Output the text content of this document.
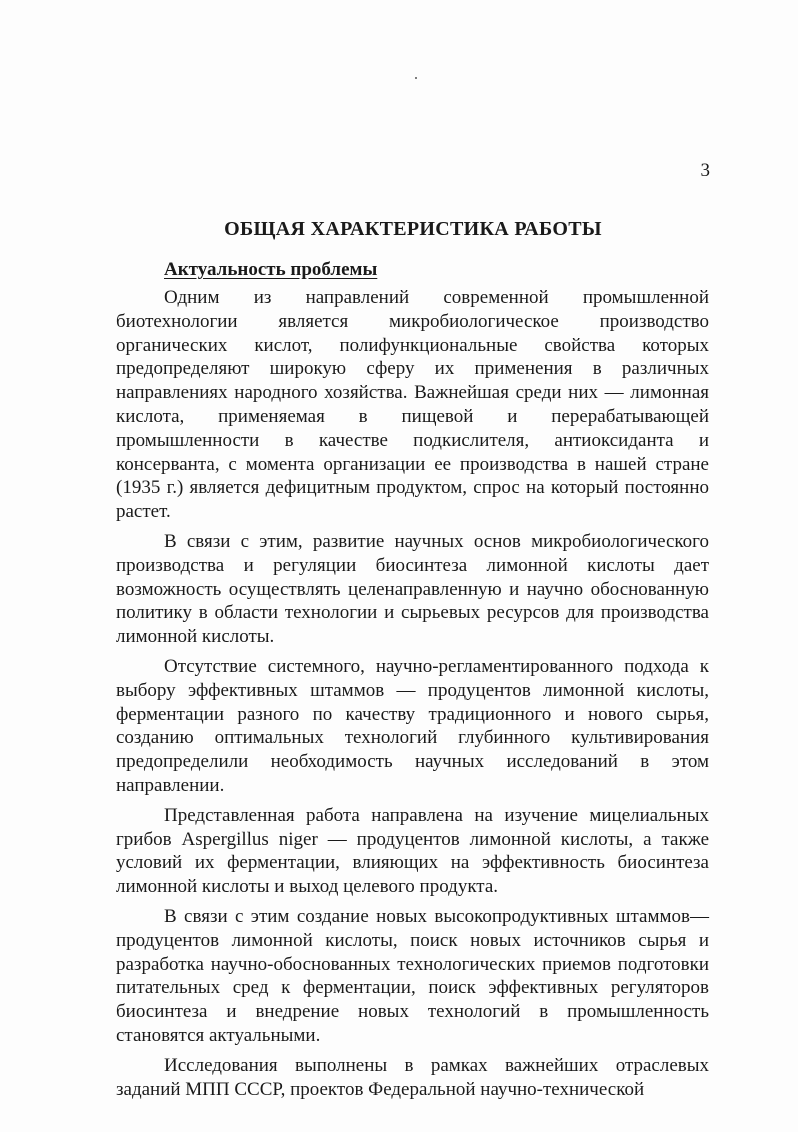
3
ОБЩАЯ ХАРАКТЕРИСТИКА РАБОТЫ
Актуальность проблемы

Одним из направлений современной промышленной биотехнологии является микробиологическое производство органических кислот, полифункциональные свойства которых предопределяют широкую сферу их применения в различных направлениях народного хозяйства. Важнейшая среди них — лимонная кислота, применяемая в пищевой и перерабатывающей промышленности в качестве подкислителя, антиоксиданта и консерванта, с момента организации ее производства в нашей стране (1935 г.) является дефицитным продуктом, спрос на который постоянно растет.

В связи с этим, развитие научных основ микробиологического производства и регуляции биосинтеза лимонной кислоты дает возможность осуществлять целенаправленную и научно обоснованную политику в области технологии и сырьевых ресурсов для производства лимонной кислоты.

Отсутствие системного, научно-регламентированного подхода к выбору эффективных штаммов — продуцентов лимонной кислоты, ферментации разного по качеству традиционного и нового сырья, созданию оптимальных технологий глубинного культивирования предопределили необходимость научных исследований в этом направлении.

Представленная работа направлена на изучение мицелиальных грибов Aspergillus niger — продуцентов лимонной кислоты, а также условий их ферментации, влияющих на эффективность биосинтеза лимонной кислоты и выход целевого продукта.

В связи с этим создание новых высокопродуктивных штаммов— продуцентов лимонной кислоты, поиск новых источников сырья и разработка научно-обоснованных технологических приемов подготовки питательных сред к ферментации, поиск эффективных регуляторов биосинтеза и внедрение новых технологий в промышленность становятся актуальными.

Исследования выполнены в рамках важнейших отраслевых заданий МПП СССР, проектов Федеральной научно-технической
